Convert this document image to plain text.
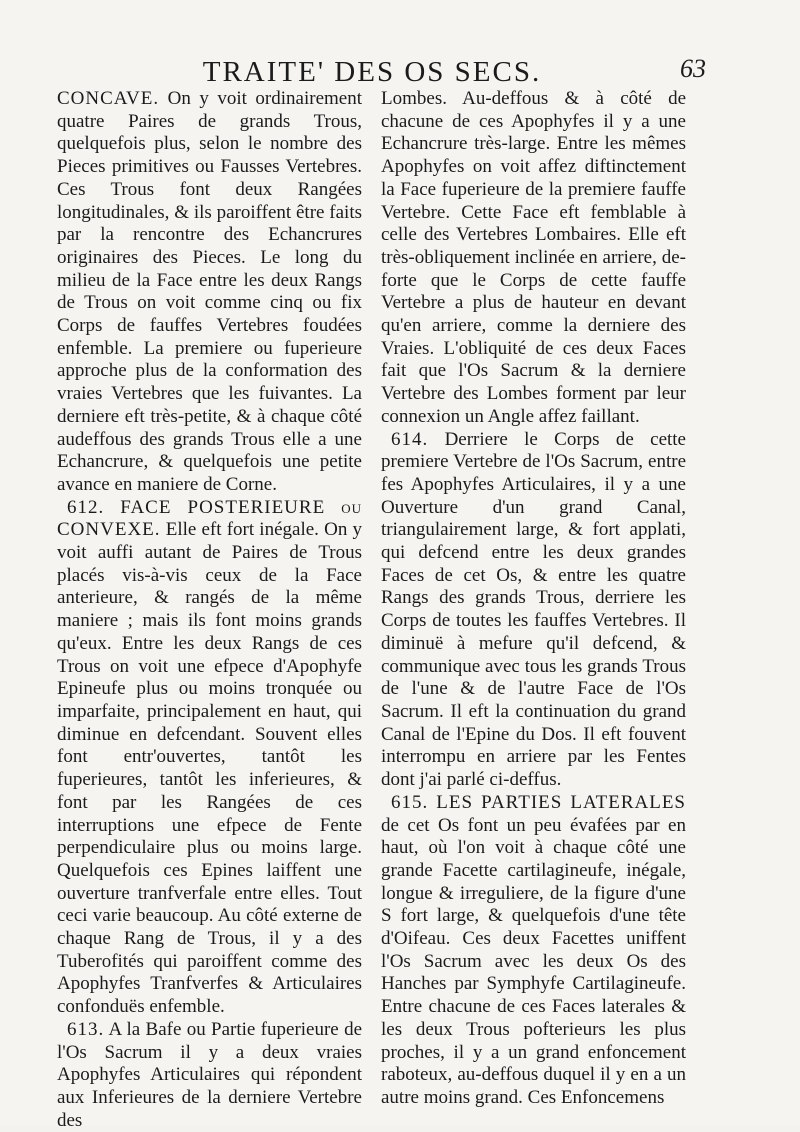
TRAITE' DES OS SECS.	63

CONCAVE. On y voit ordinairement quatre Paires de grands Trous, quelquefois plus, selon le nombre des Pieces primitives ou Fausses Vertebres. Ces Trous font deux Rangées longitudinales, & ils paroiffent être faits par la rencontre des Echancrures originaires des Pieces. Le long du milieu de la Face entre les deux Rangs de Trous on voit comme cinq ou fix Corps de fauffes Vertebres foudées enfemble. La premiere ou fuperieure approche plus de la conformation des vraies Vertebres que les fuivantes. La derniere eft très-petite, & à chaque côté audeffous des grands Trous elle a une Echancrure, & quelquefois une petite avance en maniere de Corne.

612. FACE POSTERIEURE ou CONVEXE. Elle eft fort inégale. On y voit auffi autant de Paires de Trous placés vis-à-vis ceux de la Face anterieure, & rangés de la même maniere ; mais ils font moins grands qu'eux. Entre les deux Rangs de ces Trous on voit une efpece d'Apophyfe Epineufe plus ou moins tronquée ou imparfaite, principalement en haut, qui diminue en defcendant. Souvent elles font entr'ouvertes, tantôt les fuperieures, tantôt les inferieures, & font par les Rangées de ces interruptions une efpece de Fente perpendiculaire plus ou moins large. Quelquefois ces Epines laiffent une ouverture tranfverfale entre elles. Tout ceci varie beaucoup. Au côté externe de chaque Rang de Trous, il y a des Tuberofités qui paroiffent comme des Apophyfes Tranfverfes & Articulaires confonduës enfemble.

613. A la Bafe ou Partie fuperieure de l'Os Sacrum il y a deux vraies Apophyfes Articulaires qui répondent aux Inferieures de la derniere Vertebre des

Lombes. Au-deffous & à côté de chacune de ces Apophyfes il y a une Echancrure très-large. Entre les mêmes Apophyfes on voit affez diftinctement la Face fuperieure de la premiere fauffe Vertebre. Cette Face eft femblable à celle des Vertebres Lombaires. Elle eft très-obliquement inclinée en arriere, de-forte que le Corps de cette fauffe Vertebre a plus de hauteur en devant qu'en arriere, comme la derniere des Vraies. L'obliquité de ces deux Faces fait que l'Os Sacrum & la derniere Vertebre des Lombes forment par leur connexion un Angle affez faillant.

614. Derriere le Corps de cette premiere Vertebre de l'Os Sacrum, entre fes Apophyfes Articulaires, il y a une Ouverture d'un grand Canal, triangulairement large, & fort applati, qui defcend entre les deux grandes Faces de cet Os, & entre les quatre Rangs des grands Trous, derriere les Corps de toutes les fauffes Vertebres. Il diminuë à mefure qu'il defcend, & communique avec tous les grands Trous de l'une & de l'autre Face de l'Os Sacrum. Il eft la continuation du grand Canal de l'Epine du Dos. Il eft fouvent interrompu en arriere par les Fentes dont j'ai parlé ci-deffus.

615. LES PARTIES LATERALES de cet Os font un peu évafées par en haut, où l'on voit à chaque côté une grande Facette cartilagineufe, inégale, longue & irreguliere, de la figure d'une S fort large, & quelquefois d'une tête d'Oifeau. Ces deux Facettes uniffent l'Os Sacrum avec les deux Os des Hanches par Symphyfe Cartilagineufe. Entre chacune de ces Faces laterales & les deux Trous pofterieurs les plus proches, il y a un grand enfoncement raboteux, au-deffous duquel il y en a un autre moins grand. Ces Enfoncemens
